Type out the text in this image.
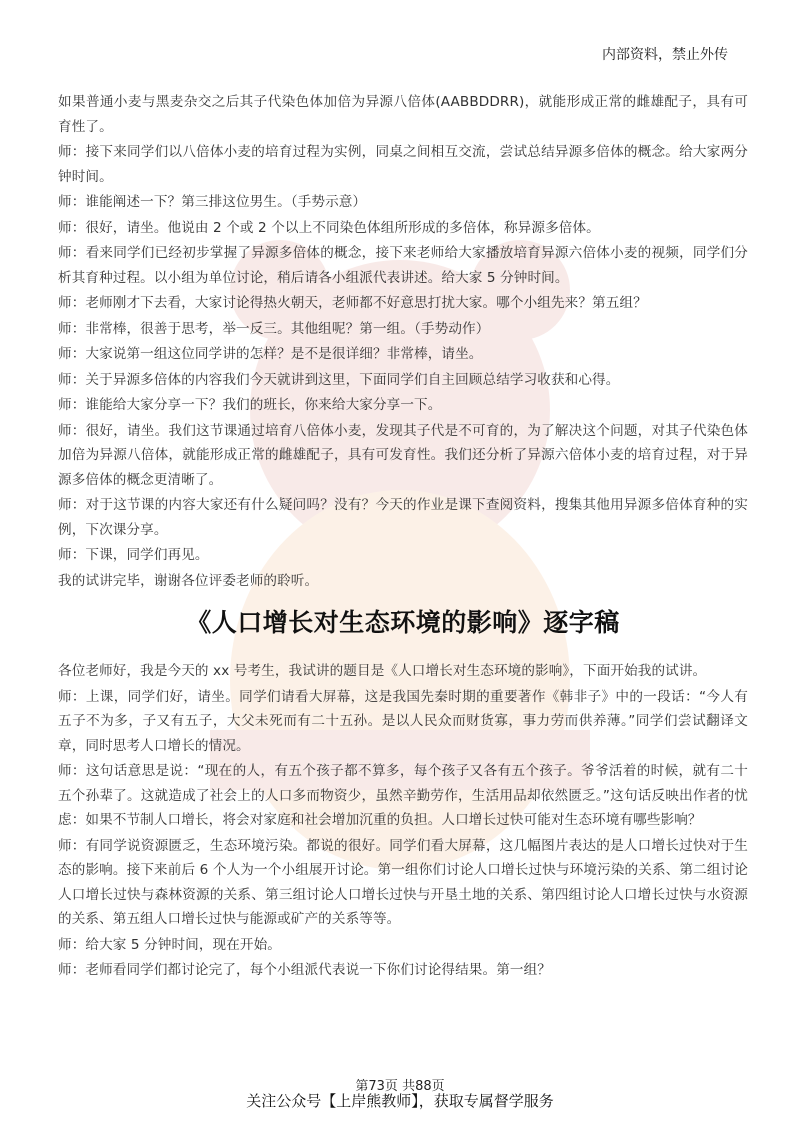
内部资料，禁止外传

如果普通小麦与黑麦杂交之后其子代染色体加倍为异源八倍体(AABBDDRR)，就能形成正常的雌雄配子，具有可育性了。

师：接下来同学们以八倍体小麦的培育过程为实例，同桌之间相互交流，尝试总结异源多倍体的概念。给大家两分钟时间。

师：谁能阐述一下？第三排这位男生。（手势示意）

师：很好，请坐。他说由 2 个或 2 个以上不同染色体组所形成的多倍体，称异源多倍体。

师：看来同学们已经初步掌握了异源多倍体的概念，接下来老师给大家播放培育异源六倍体小麦的视频，同学们分析其育种过程。以小组为单位讨论，稍后请各小组派代表讲述。给大家 5 分钟时间。

师：老师刚才下去看，大家讨论得热火朝天，老师都不好意思打扰大家。哪个小组先来？第五组？

师：非常棒，很善于思考，举一反三。其他组呢？第一组。（手势动作）

师：大家说第一组这位同学讲的怎样？是不是很详细？非常棒，请坐。

师：关于异源多倍体的内容我们今天就讲到这里，下面同学们自主回顾总结学习收获和心得。

师：谁能给大家分享一下？我们的班长，你来给大家分享一下。

师：很好，请坐。我们这节课通过培育八倍体小麦，发现其子代是不可育的，为了解决这个问题，对其子代染色体加倍为异源八倍体，就能形成正常的雌雄配子，具有可发育性。我们还分析了异源六倍体小麦的培育过程，对于异源多倍体的概念更清晰了。

师：对于这节课的内容大家还有什么疑问吗？没有？今天的作业是课下查阅资料，搜集其他用异源多倍体育种的实例，下次课分享。

师：下课，同学们再见。

我的试讲完毕，谢谢各位评委老师的聆听。

《人口增长对生态环境的影响》逐字稿

各位老师好，我是今天的 xx 号考生，我试讲的题目是《人口增长对生态环境的影响》，下面开始我的试讲。

师：上课，同学们好，请坐。同学们请看大屏幕，这是我国先秦时期的重要著作《韩非子》中的一段话：“今人有五子不为多，子又有五子，大父未死而有二十五孙。是以人民众而财货寡，事力劳而供养薄。”同学们尝试翻译文章，同时思考人口增长的情况。

师：这句话意思是说：“现在的人，有五个孩子都不算多，每个孩子又各有五个孩子。爷爷活着的时候，就有二十五个孙辈了。这就造成了社会上的人口多而物资少，虽然辛勤劳作，生活用品却依然匮乏。”这句话反映出作者的忧虑：如果不节制人口增长，将会对家庭和社会增加沉重的负担。人口增长过快可能对生态环境有哪些影响？

师：有同学说资源匮乏，生态环境污染。都说的很好。同学们看大屏幕，这几幅图片表达的是人口增长过快对于生态的影响。接下来前后 6 个人为一个小组展开讨论。第一组你们讨论人口增长过快与环境污染的关系、第二组讨论人口增长过快与森林资源的关系、第三组讨论人口增长过快与开垦土地的关系、第四组讨论人口增长过快与水资源的关系、第五组人口增长过快与能源或矿产的关系等等。

师：给大家 5 分钟时间，现在开始。

师：老师看同学们都讨论完了，每个小组派代表说一下你们讨论得结果。第一组？

第73页 共88页
关注公众号【上岸熊教师】，获取专属督学服务
